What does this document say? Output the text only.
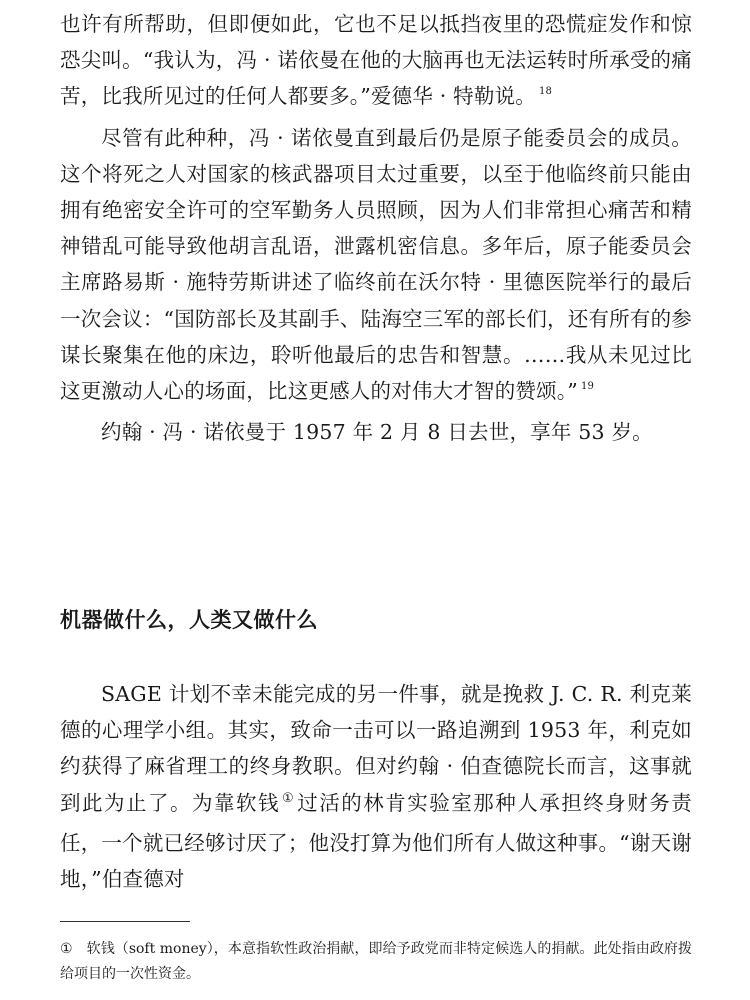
也许有所帮助，但即便如此，它也不足以抵挡夜里的恐慌症发作和惊恐尖叫。“我认为，冯 · 诺依曼在他的大脑再也无法运转时所承受的痛苦，比我所见过的任何人都要多。”爱德华 · 特勒说。 $^{18}$

尽管有此种种，冯 · 诺依曼直到最后仍是原子能委员会的成员。这个将死之人对国家的核武器项目太过重要，以至于他临终前只能由拥有绝密安全许可的空军勤务人员照顾，因为人们非常担心痛苦和精神错乱可能导致他胡言乱语，泄露机密信息。多年后，原子能委员会主席路易斯 · 施特劳斯讲述了临终前在沃尔特 · 里德医院举行的最后一次会议：“国防部长及其副手、陆海空三军的部长们，还有所有的参谋长聚集在他的床边，聆听他最后的忠告和智慧。……我从未见过比这更激动人心的场面，比这更感人的对伟大才智的赞颂。” $^{19}$

约翰 · 冯 · 诺依曼于 1957 年 2 月 8 日去世，享年 53 岁。

机器做什么，人类又做什么

SAGE 计划不幸未能完成的另一件事，就是挽救 J. C. R. 利克莱德的心理学小组。其实，致命一击可以一路追溯到 1953 年，利克如约获得了麻省理工的终身教职。但对约翰 · 伯查德院长而言，这事就到此为止了。为靠软钱 ①过活的林肯实验室那种人承担终身财务责任，一个就已经够讨厌了；他没打算为他们所有人做这种事。“谢天谢地，”伯查德对

① 软钱（soft money），本意指软性政治捐献，即给予政党而非特定候选人的捐献。此处指由政府拨给项目的一次性资金。
